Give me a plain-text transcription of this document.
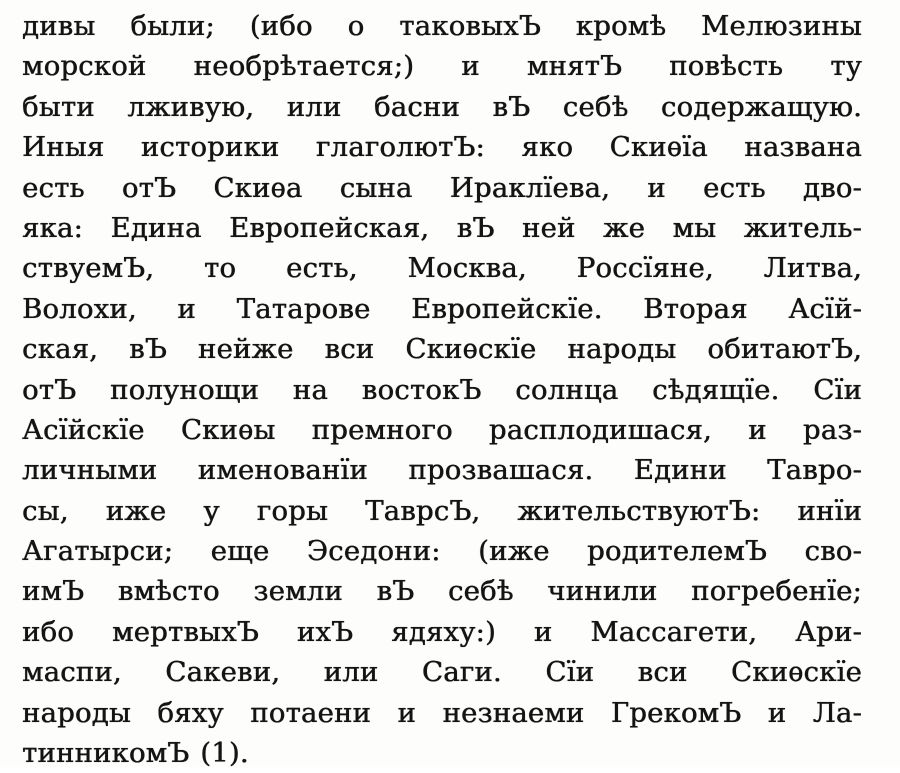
дивы были; (ибо о таковыхЪ кромѣ Мелюзины
морской необрѣтается;) и мнятЪ повѣсть ту
быти лживую, или басни вЪ себѣ содержащую.
Иныя историки глаголютЪ: яко Скиѳїа названа
есть отЪ Скиѳа сына Ираклїева, и есть дво-
яка: Едина Европейская, вЪ ней же мы житель-
ствуемЪ, то есть, Москва, Россїяне, Литва,
Волохи, и Татарове Европейскїе. Вторая Асїй-
ская, вЪ нейже вси Скиѳскїе народы обитаютЪ,
отЪ полунощи на востокЪ солнца сѣдящїе. Сїи
Асїйскїе Скиѳы премного расплодишася, и раз-
личными именованїи прозвашася. Едини Тавро-
сы, иже у горы ТаврсЪ, жительствуютЪ: инїи
Агатырси; еще Эседони: (иже родителемЪ сво-
имЪ вмѣсто земли вЪ себѣ чинили погребенїе;
ибо мертвыхЪ ихЪ ядяху:) и Массагети, Ари-
маспи, Сакеви, или Саги. Сїи вси Скиѳскїе
народы бяху потаени и незнаеми ГрекомЪ и Ла-
тинникомЪ (1).
